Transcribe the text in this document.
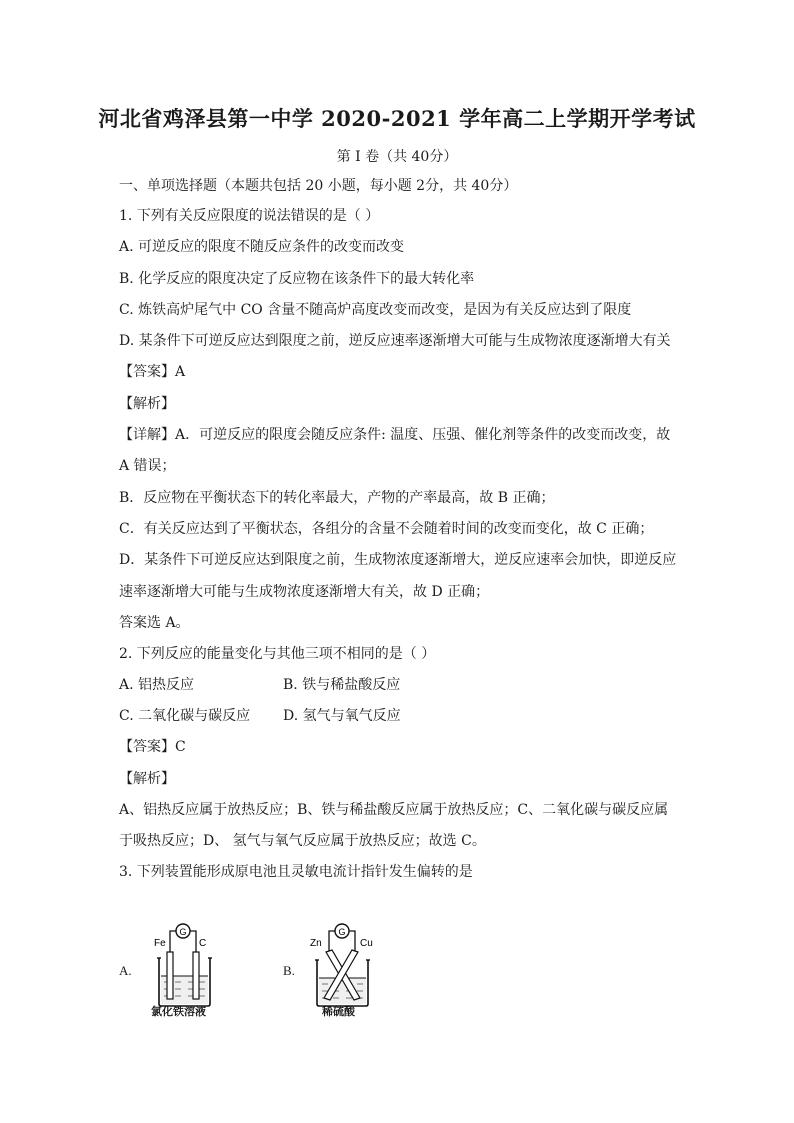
河北省鸡泽县第一中学 2020-2021 学年高二上学期开学考试
第 I 卷（共 40分）
一、单项选择题（本题共包括 20 小题，每小题 2分，共 40分）
1. 下列有关反应限度的说法错误的是（ ）
A. 可逆反应的限度不随反应条件的改变而改变
B. 化学反应的限度决定了反应物在该条件下的最大转化率
C. 炼铁高炉尾气中 CO 含量不随高炉高度改变而改变，是因为有关反应达到了限度
D. 某条件下可逆反应达到限度之前，逆反应速率逐渐增大可能与生成物浓度逐渐增大有关
【答案】A
【解析】
【详解】A．可逆反应的限度会随反应条件: 温度、压强、催化剂等条件的改变而改变，故
A 错误；
B．反应物在平衡状态下的转化率最大，产物的产率最高，故 B 正确；
C．有关反应达到了平衡状态，各组分的含量不会随着时间的改变而变化，故 C 正确；
D．某条件下可逆反应达到限度之前，生成物浓度逐渐增大，逆反应速率会加快，即逆反应
速率逐渐增大可能与生成物浓度逐渐增大有关，故 D 正确；
答案选 A。
2. 下列反应的能量变化与其他三项不相同的是（ ）
A. 铝热反应	B. 铁与稀盐酸反应
C. 二氧化碳与碳反应 D. 氢气与氧气反应
【答案】C
【解析】
A、铝热反应属于放热反应；B、铁与稀盐酸反应属于放热反应；C、二氧化碳与碳反应属
于吸热反应；D、 氢气与氧气反应属于放热反应；故选 C。
3. 下列装置能形成原电池且灵敏电流计指针发生偏转的是
A.
G
Fe	C
氯化铁溶液
B.
G
Zn	Cu
稀硫酸
